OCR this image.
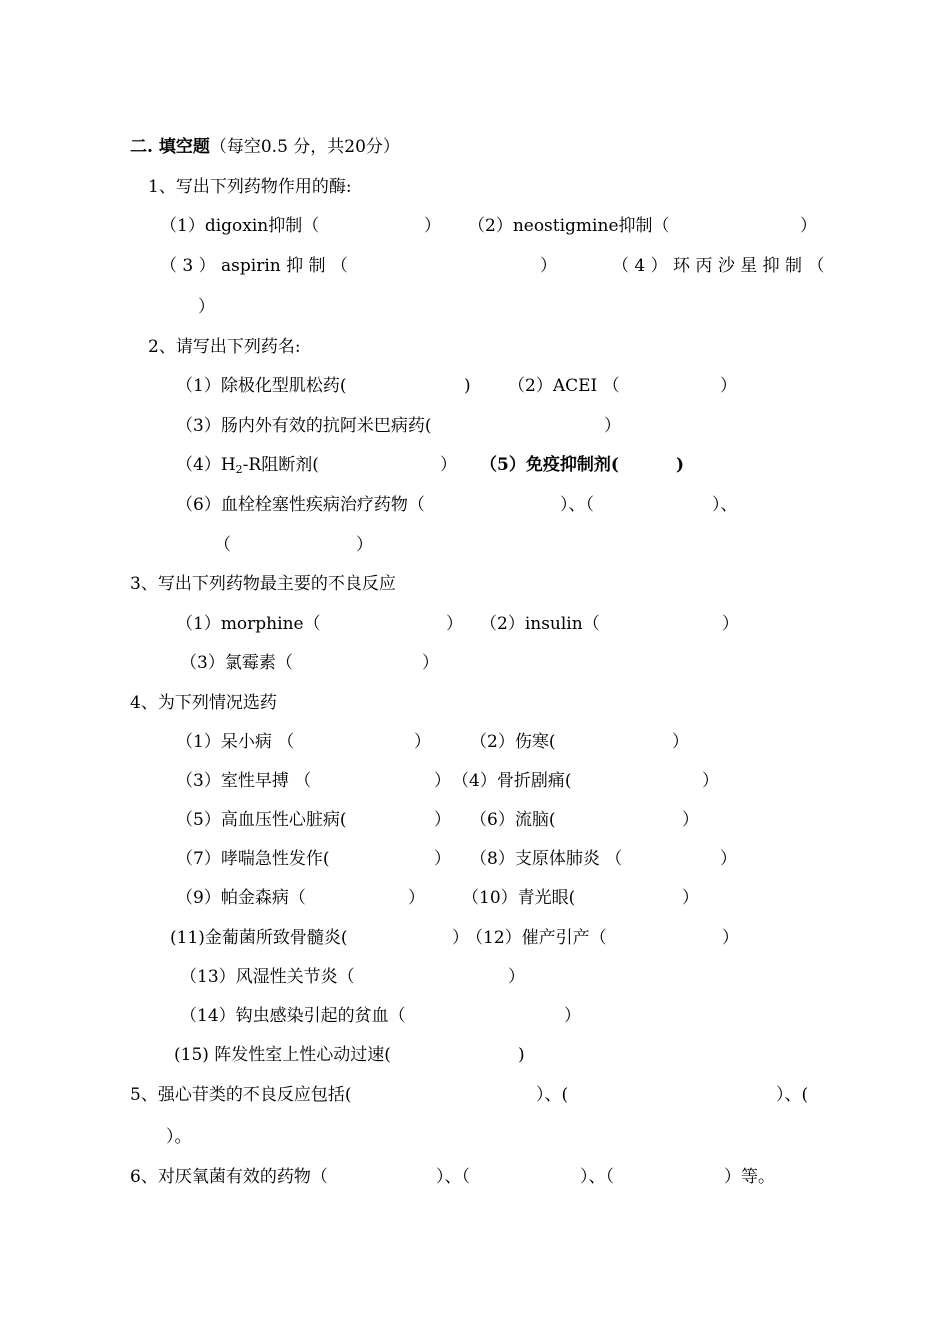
二. 填空题（每空0.5 分，共20分）
1、写出下列药物作用的酶:
（1）digoxin抑制（	） （2）neostigmine抑制（	）
（ 3 ） aspirin 抑 制 （	）	（ 4 ） 环 丙 沙 星 抑 制 （
）
2、请写出下列药名:
（1）除极化型肌松药(	) （2）ACEI （	）
（3）肠内外有效的抗阿米巴病药(	）
（4）H2-R阻断剂(	） （5）免疫抑制剂(	)
（6）血栓栓塞性疾病治疗药物（	）、（	）、
（	）
3、写出下列药物最主要的不良反应
（1）morphine（	） （2）insulin（	）
（3）氯霉素（	）
4、为下列情况选药
（1）呆小病 （	） （2）伤寒(	）
（3）室性早搏 （	） （4）骨折剧痛(	）
（5）高血压性心脏病(	） （6）流脑(	）
（7）哮喘急性发作(	） （8）支原体肺炎 （	）
（9）帕金森病（	） （10）青光眼(	）
(11)金葡菌所致骨髓炎(	）
（12）催产引产（	）
（13）风湿性关节炎（	）
（14）钩虫感染引起的贫血（	）
(15) 阵发性室上性心动过速(	)
5、强心苷类的不良反应包括(	）、(	）、(
）。
6、对厌氧菌有效的药物（	）、（	）、（	）等。
